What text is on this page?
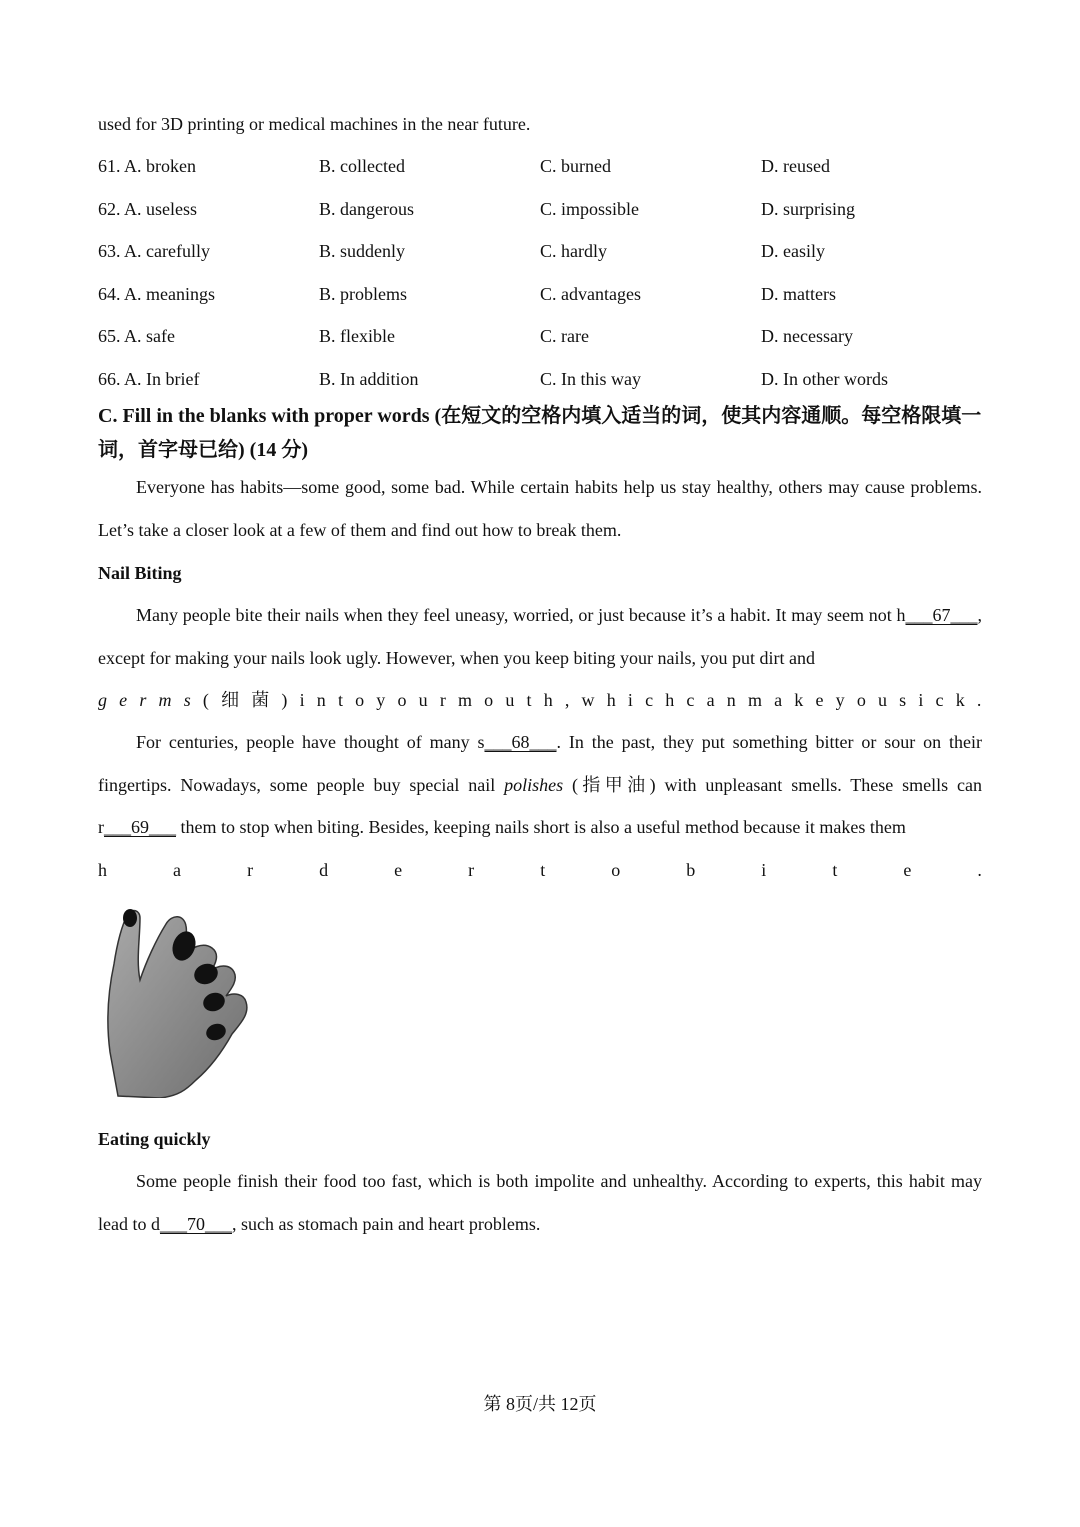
used for 3D printing or medical machines in the near future.
61. A. broken	B. collected	C. burned	D. reused
62. A. useless	B. dangerous	C. impossible	D. surprising
63. A. carefully	B. suddenly	C. hardly	D. easily
64. A. meanings	B. problems	C. advantages	D. matters
65. A. safe	B. flexible	C. rare	D. necessary
66. A. In brief	B. In addition	C. In this way	D. In other words
C. Fill in the blanks with proper words (在短文的空格内填入适当的词，使其内容通顺。每空格限填一词，首字母已给) (14 分)
Everyone has habits—some good, some bad. While certain habits help us stay healthy, others may cause problems. Let’s take a closer look at a few of them and find out how to break them.
Nail Biting
Many people bite their nails when they feel uneasy, worried, or just because it’s a habit. It may seem not h___67___, except for making your nails look ugly. However, when you keep biting your nails, you put dirt and
g e r m s ( 细 菌 ) i n t o y o u r m o u t h , w h i c h c a n m a k e y o u s i c k .
For centuries, people have thought of many s___68___. In the past, they put something bitter or sour on their fingertips. Nowadays, some people buy special nail polishes (指甲油) with unpleasant smells. These smells can r___69___ them to stop when biting. Besides, keeping nails short is also a useful method because it makes them
h	a	r	d	e	r	t	o	b	i	t	e	.
Eating quickly
Some people finish their food too fast, which is both impolite and unhealthy. According to experts, this habit may lead to d___70___, such as stomach pain and heart problems.
第 8页/共 12页
